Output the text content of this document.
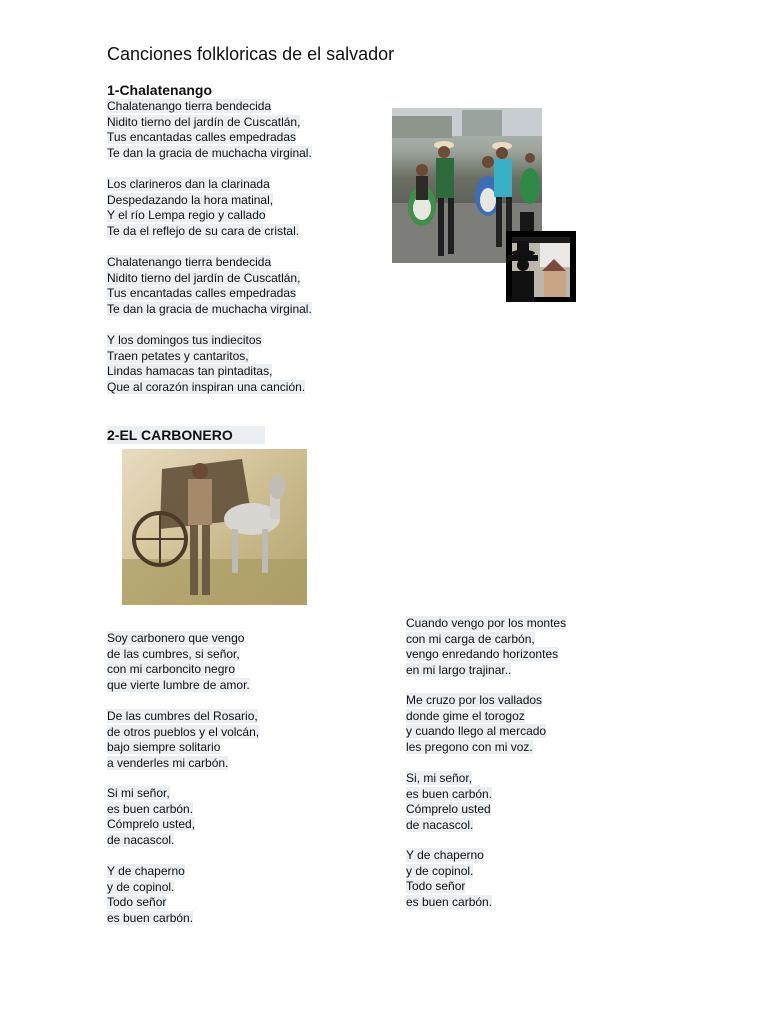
Canciones folkloricas de el salvador
1-Chalatenango
Chalatenango tierra bendecida
Nidito tierno del jardín de Cuscatlán,
Tus encantadas calles empedradas
Te dan la gracia de muchacha virginal.
Los clarineros dan la clarinada
Despedazando la hora matinal,
Y el río Lempa regio y callado
Te da el reflejo de su cara de cristal.
Chalatenango tierra bendecida
Nidito tierno del jardín de Cuscatlán,
Tus encantadas calles empedradas
Te dan la gracia de muchacha virginal.
Y los domingos tus indiecitos
Traen petates y cantaritos,
Lindas hamacas tan pintaditas,
Que al corazón inspiran una canción.
2-EL CARBONERO
Soy carbonero que vengo
de las cumbres, si señor,
con mi carboncito negro
que vierte lumbre de amor.
De las cumbres del Rosario,
de otros pueblos y el volcán,
bajo siempre solitario
a venderles mi carbón.
Si mi señor,
es buen carbón.
Cómprelo usted,
de nacascol.
Y de chaperno
y de copinol.
Todo señor
es buen carbón.
Cuando vengo por los montes
con mi carga de carbón,
vengo enredando horizontes
en mi largo trajinar..
Me cruzo por los vallados
donde gime el torogoz
y cuando llego al mercado
les pregono con mi voz.
Si, mi señor,
es buen carbón.
Cómprelo usted
de nacascol.
Y de chaperno
y de copinol.
Todo señor
es buen carbón.
